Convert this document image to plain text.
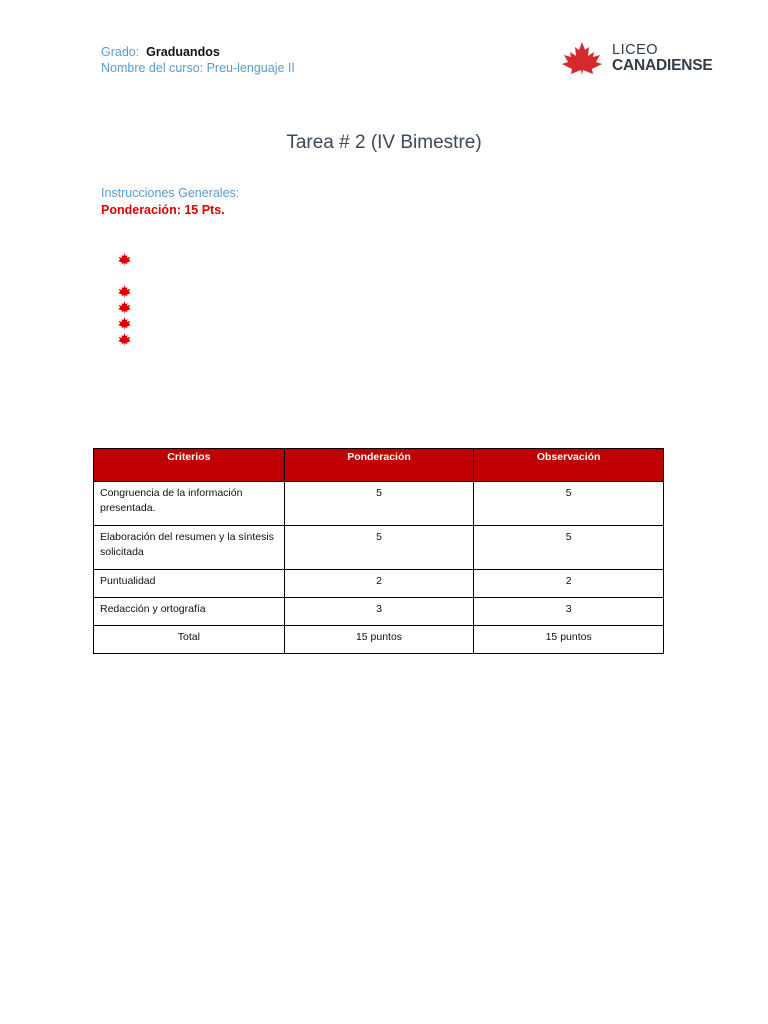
Grado: Graduandos
Nombre del curso: Preu-lenguaje II
LICEO
CANADIENSE
Tarea # 2 (IV Bimestre)
Instrucciones Generales:
Ponderación: 15 Pts.
Criterios	Ponderación	Observación
Congruencia de la información presentada.	5	5
Elaboración del resumen y la síntesis solicitada	5	5
Puntualidad	2	2
Redacción y ortografía	3	3
Total	15 puntos	15 puntos
